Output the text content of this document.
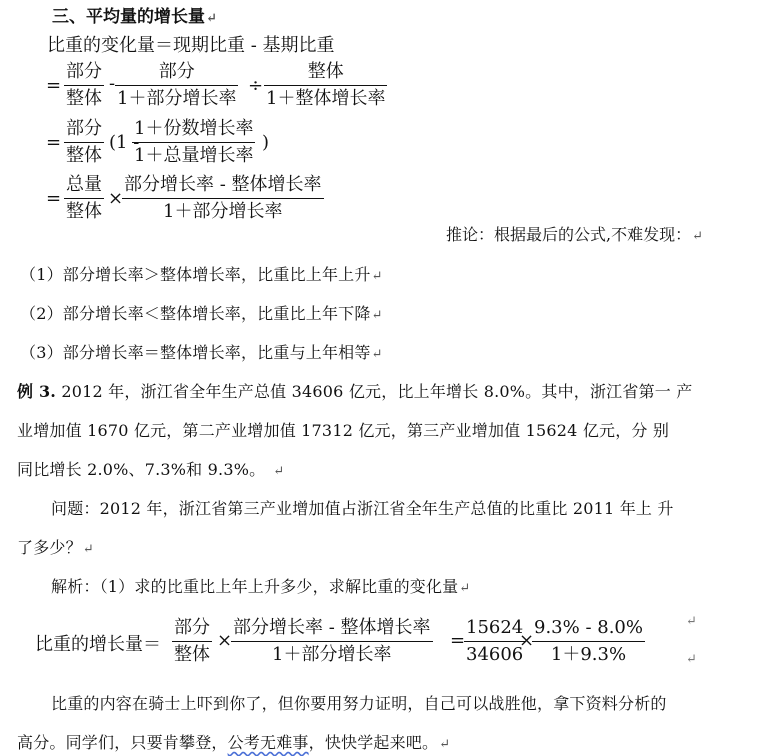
三、平均量的增长量↵
比重的变化量＝现期比重 - 基期比重
=
部分
整体
-
部分
1＋部分增长率
÷
整体
1＋整体增长率
=
部分
整体
(1 -
1＋份数增长率
1＋总量增长率
)
=
总量
整体
×
部分增长率 - 整体增长率
1＋部分增长率
推论：根据最后的公式,不难发现：↵
（1）部分增长率＞整体增长率，比重比上年上升↵
（2）部分增长率＜整体增长率，比重比上年下降↵
（3）部分增长率＝整体增长率，比重与上年相等↵
例 3. 2012 年，浙江省全年生产总值 34606 亿元，比上年增长 8.0%。其中，浙江省第一 产
业增加值 1670 亿元，第二产业增加值 17312 亿元，第三产业增加值 15624 亿元，分 别
同比增长 2.0%、7.3%和 9.3%。 ↵
问题：2012 年，浙江省第三产业增加值占浙江省全年生产总值的比重比 2011 年上 升
了多少？↵
解析：（1）求的比重比上年上升多少，求解比重的变化量↵
比重的增长量＝
部分
整体
×
部分增长率 - 整体增长率
1＋部分增长率
=
$\frac{15624}{34606}$
×
$\frac{9.3\% - 8.0\%}{1+9.3\%}$	↵
↵
比重的内容在骑士上吓到你了，但你要用努力证明，自己可以战胜他，拿下资料分析的
高分。同学们，只要肯攀登，公考无难事，快快学起来吧。↵
